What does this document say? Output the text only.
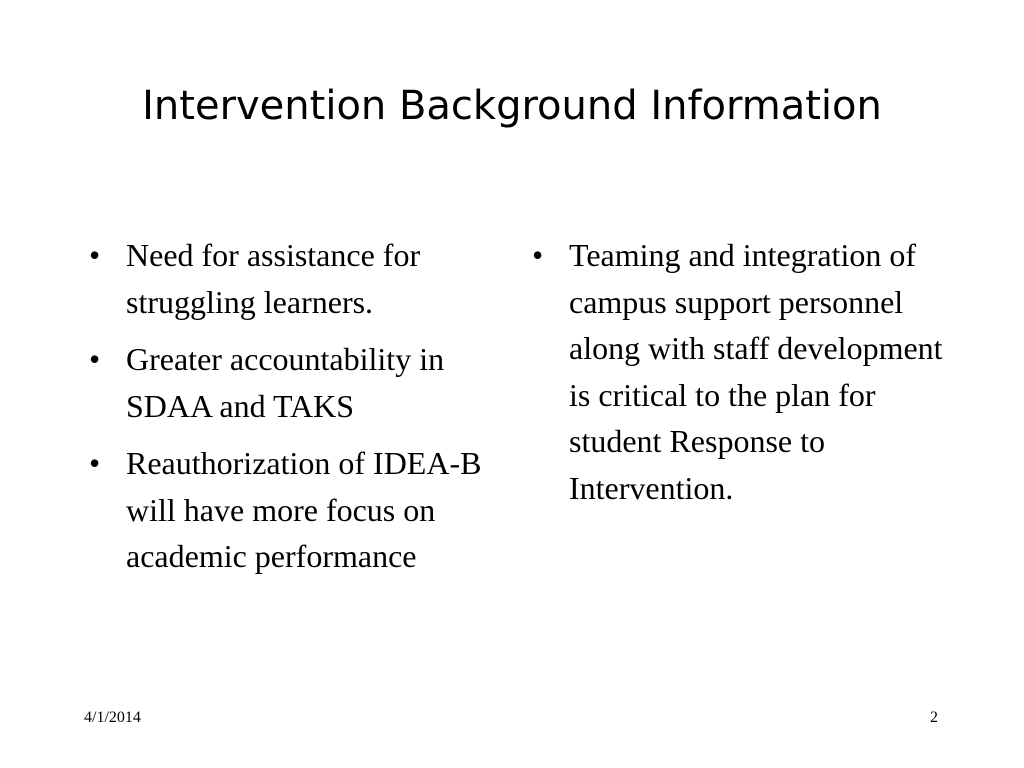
Intervention Background Information
• Need for assistance for struggling learners.
• Greater accountability in SDAA and TAKS
• Reauthorization of IDEA-B will have more focus on academic performance
• Teaming and integration of campus support personnel along with staff development is critical to the plan for student Response to Intervention.
4/1/2014	2
